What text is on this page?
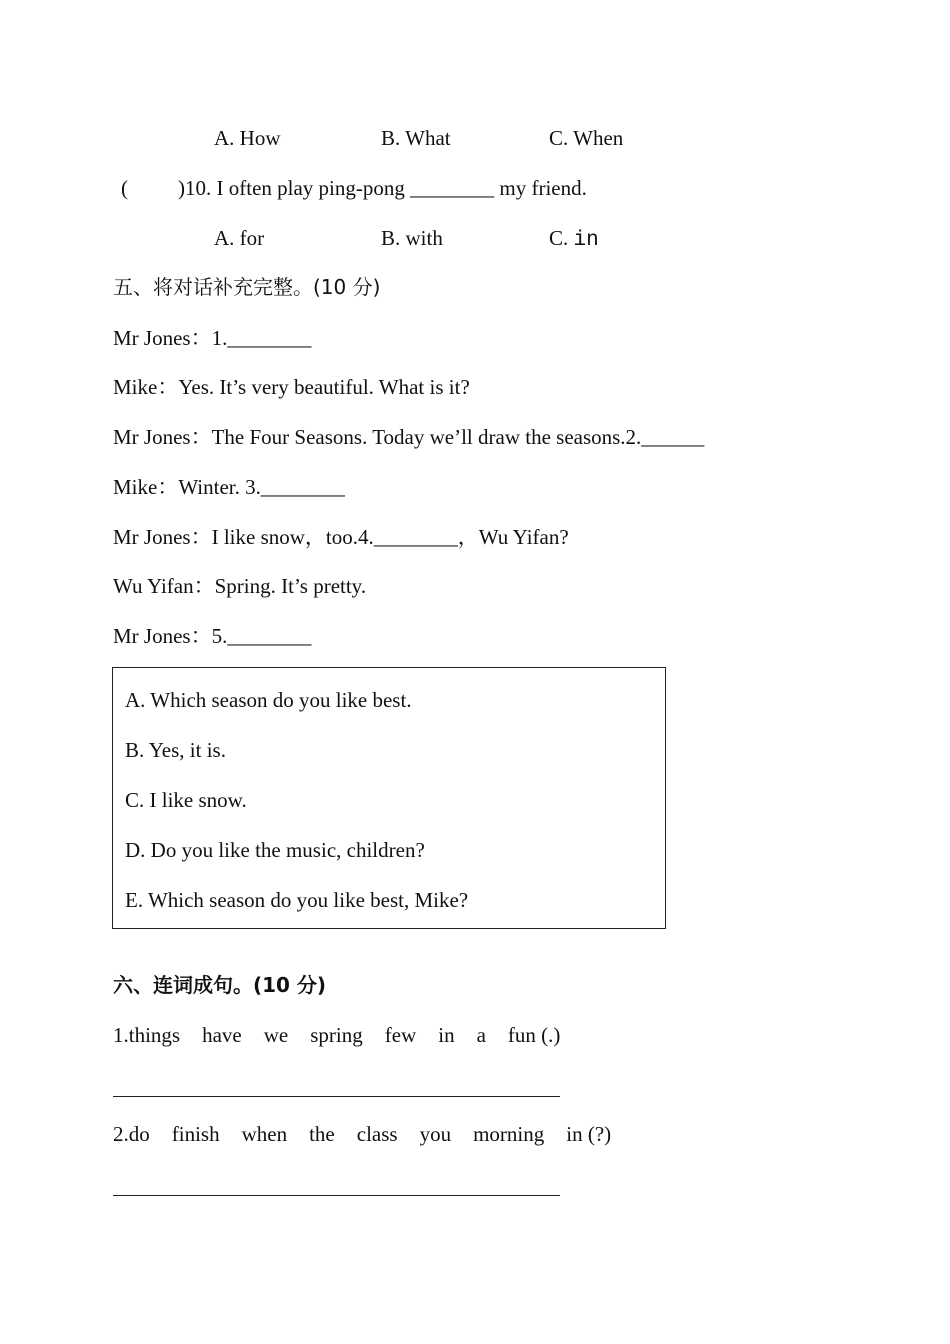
A. How	B. What	C. When
( )10. I often play ping-pong ________ my friend.
A. for	B. with	C. in
五、将对话补充完整。(10 分)
Mr Jones：1.________
Mike：Yes. It’s very beautiful. What is it?
Mr Jones：The Four Seasons. Today we’ll draw the seasons.2.______
Mike：Winter. 3.________
Mr Jones：I like snow，too.4.________，Wu Yifan?
Wu Yifan：Spring. It’s pretty.
Mr Jones：5.________
A. Which season do you like best.
B. Yes, it is.
C. I like snow.
D. Do you like the music, children?
E. Which season do you like best, Mike?
六、连词成句。(10 分)
1.things have we spring few in a fun (.)
2.do finish when the class you morning in (?)
